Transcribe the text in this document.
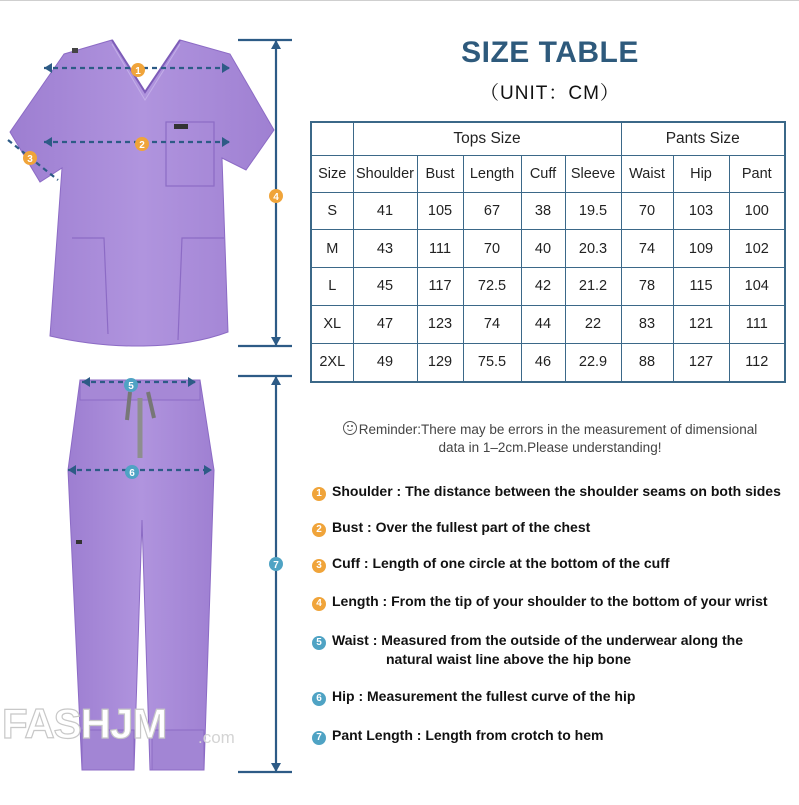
1
2
3
4
5
6
7
FASHJM .com
SIZE TABLE
（UNIT：CM）
	Tops Size					Pants Size		
Size	Shoulder	Bust	Length	Cuff	Sleeve	Waist	Hip	Pant
S	41	105	67	38	19.5	70	103	100
M	43	111	70	40	20.3	74	109	102
L	45	117	72.5	42	21.2	78	115	104
XL	47	123	74	44	22	83	121	111
2XL	49	129	75.5	46	22.9	88	127	112
Reminder:There may be errors in the measurement of dimensional
data in 1–2cm.Please understanding!
1 Shoulder : The distance between the shoulder seams on both sides
2 Bust : Over the fullest part of the chest
3 Cuff : Length of one circle at the bottom of the cuff
4 Length : From the tip of your shoulder to the bottom of your wrist
5 Waist : Measured from the outside of the underwear along the
natural waist line above the hip bone
6 Hip : Measurement the fullest curve of the hip
7 Pant Length : Length from crotch to hem
